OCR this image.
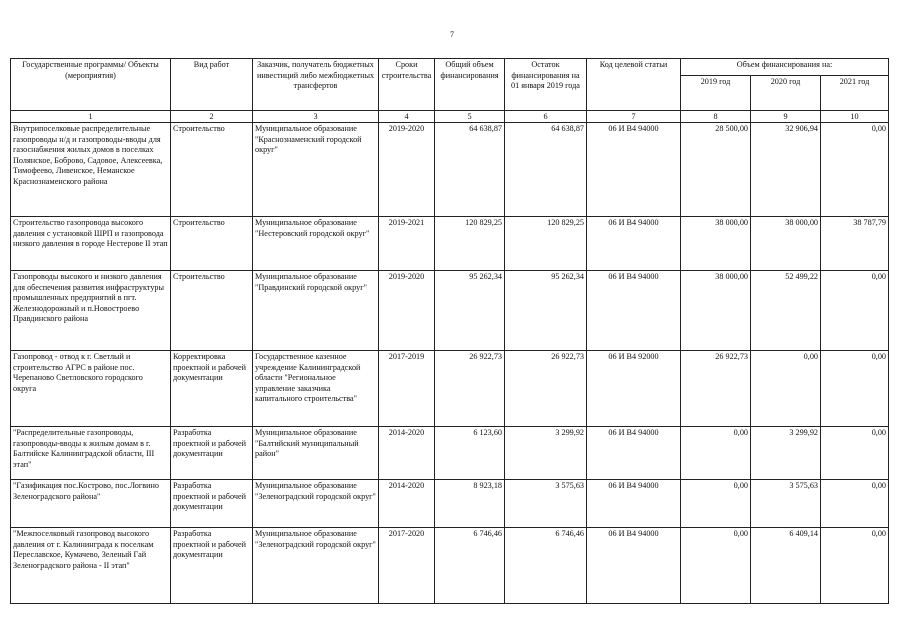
7
Государственные программы/ Объекты (мероприятия)	Вид работ	Заказчик, получатель бюджетных инвестиций либо межбюджетных трансфертов	Сроки строительства	Общий объем финансирования	Остаток финансирования на 01 января 2019 года	Код целевой статьи	Объем финансирования на:		
							2019 год	2020 год	2021 год
1	2	3	4	5	6	7	8	9	10
Внутрипоселковые распределительные газопроводы н/д и газопроводы-вводы для газоснабжения жилых домов в поселках Полянское, Боброво, Садовое, Алексеевка, Тимофеево, Ливенское, Неманское Краснознаменского района	Строительство	Муниципальное образование "Краснознаменский городской округ"	2019-2020	64 638,87	64 638,87	06 И В4 94000	28 500,00	32 906,94	0,00
Строительство газопровода высокого давления с установкой ШРП и газопровода низкого давления в городе Нестерове II этап	Строительство	Муниципальное образование "Нестеровский городской округ"	2019-2021	120 829,25	120 829,25	06 И В4 94000	38 000,00	38 000,00	38 787,79
Газопроводы высокого и низкого давления для обеспечения развития инфраструктуры промышленных предприятий в пгт. Железнодорожный и п.Новостроево Правдинского района	Строительство	Муниципальное образование "Правдинский городской округ"	2019-2020	95 262,34	95 262,34	06 И В4 94000	38 000,00	52 499,22	0,00
Газопровод - отвод к г. Светлый и строительство АГРС в районе пос. Черепаново Светловского городского округа	Корректировка проектной и рабочей документации	Государственное казенное учреждение Калининградской области "Региональное управление заказчика капитального строительства"	2017-2019	26 922,73	26 922,73	06 И В4 92000	26 922,73	0,00	0,00
"Распределительные газопроводы, газопроводы-вводы к жилым домам в г. Балтийске Калининградской области, III этап"	Разработка проектной и рабочей документации	Муниципальное образование "Балтийский муниципальный район"	2014-2020	6 123,60	3 299,92	06 И В4 94000	0,00	3 299,92	0,00
"Газификация пос.Кострово, пос.Логвино Зеленоградского района"	Разработка проектной и рабочей документации	Муниципальное образование "Зеленоградский городской округ"	2014-2020	8 923,18	3 575,63	06 И В4 94000	0,00	3 575,63	0,00
"Межпоселковый газопровод высокого давления от г. Калининграда к поселкам Переславское, Кумачево, Зеленый Гай Зеленоградского района - II этап"	Разработка проектной и рабочей документации	Муниципальное образование "Зеленоградский городской округ"	2017-2020	6 746,46	6 746,46	06 И В4 94000	0,00	6 409,14	0,00
